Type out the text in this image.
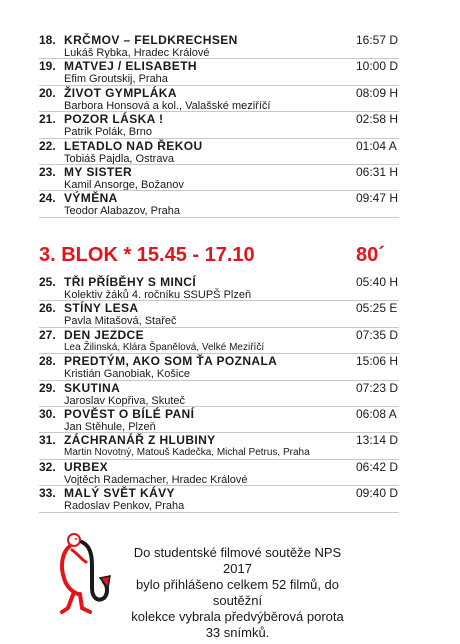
18. KRČMOV – FELDKRECHSEN
Lukáš Rybka, Hradec Králové
16:57 D
19. MATVEJ / ELISABETH
Efim Groutskij, Praha
10:00 D
20. ŽIVOT GYMPLÁKA
Barbora Honsová a kol., Valašské meziříčí
08:09 H
21. POZOR LÁSKA !
Patrik Polák, Brno
02:58 H
22. LETADLO NAD ŘEKOU
Tobiáš Pajdla, Ostrava
01:04 A
23. MY SISTER
Kamil Ansorge, Božanov
06:31 H
24. VÝMĚNA
Teodor Alabazov, Praha
09:47 H
3. BLOK * 15.45 - 17.10	80´
25. TŘI PŘÍBĚHY S MINCÍ
Kolektiv žáků 4. ročníku SSUPŠ Plzeň
05:40 H
26. STÍNY LESA
Pavla Mitašová, Stařeč
05:25 E
27. DEN JEZDCE
Lea Žilinská, Klára Španělová, Velké Meziříčí
07:35 D
28. PREDTÝM, AKO SOM ŤA POZNALA
Kristián Ganobiak, Košice
15:06 H
29. SKUTINA
Jaroslav Kopřiva, Skuteč
07:23 D
30. POVĚST O BÍLÉ PANÍ
Jan Stěhule, Plzeň
06:08 A
31. ZÁCHRANÁŘ Z HLUBINY
Martin Novotný, Matouš Kadečka, Michal Petrus, Praha
13:14 D
32. URBEX
Vojtěch Rademacher, Hradec Králové
06:42 D
33. MALÝ SVĚT KÁVY
Radoslav Penkov, Praha
09:40 D
Do studentské filmové soutěže NPS 2017
bylo přihlášeno celkem 52 filmů, do soutěžní
kolekce vybrala předvýběrová porota
33 snímků.
